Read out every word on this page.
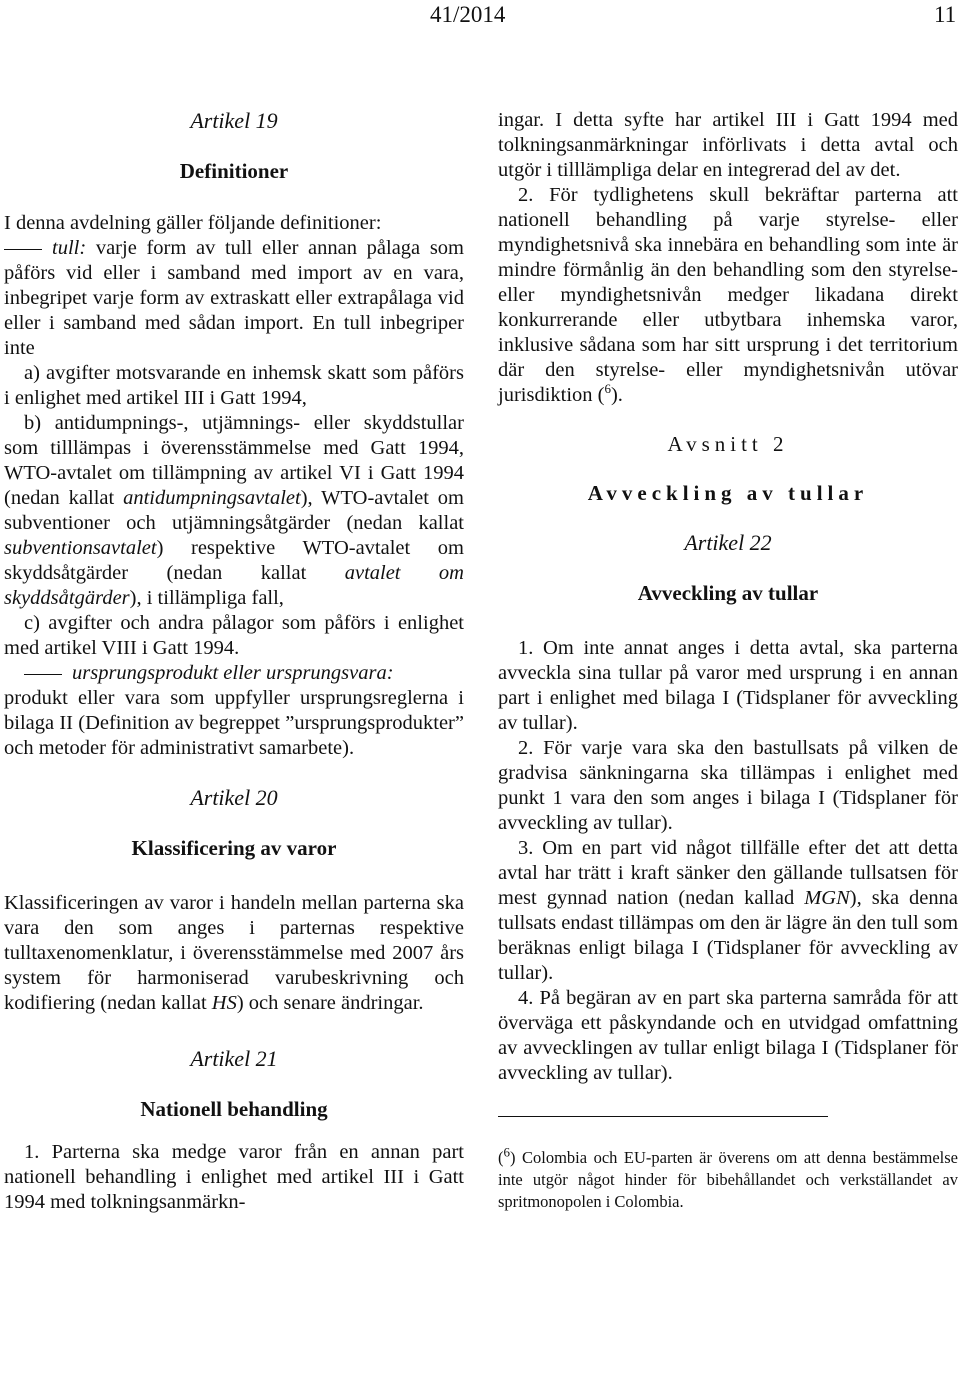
41/2014	11

Artikel 19

Definitioner

I denna avdelning gäller följande definitioner:

tull: varje form av tull eller annan pålaga som påförs vid eller i samband med import av en vara, inbegripet varje form av extraskatt eller extrapålaga vid eller i samband med sådan import. En tull inbegriper inte

a) avgifter motsvarande en inhemsk skatt som påförs i enlighet med artikel III i Gatt 1994,

b) antidumpnings-, utjämnings- eller skyddstullar som tilllämpas i överensstämmelse med Gatt 1994, WTO-avtalet om tillämpning av artikel VI i Gatt 1994 (nedan kallat antidumpningsavtalet), WTO-avtalet om subventioner och utjämningsåtgärder (nedan kallat subventionsavtalet) respektive WTO-avtalet om skyddsåtgärder (nedan kallat avtalet om skyddsåtgärder), i tillämpliga fall,

c) avgifter och andra pålagor som påförs i enlighet med artikel VIII i Gatt 1994.

ursprungsprodukt eller ursprungsvara:

produkt eller vara som uppfyller ursprungsreglerna i bilaga II (Definition av begreppet ”ursprungsprodukter” och metoder för administrativt samarbete).

Artikel 20

Klassificering av varor

Klassificeringen av varor i handeln mellan parterna ska vara den som anges i parternas respektive tulltaxenomenklatur, i överensstämmelse med 2007 års system för harmoniserad varubeskrivning och kodifiering (nedan kallat HS) och senare ändringar.

Artikel 21

Nationell behandling

1. Parterna ska medge varor från en annan part nationell behandling i enlighet med artikel III i Gatt 1994 med tolkningsanmärkn-

ingar. I detta syfte har artikel III i Gatt 1994 med tolkningsanmärkningar införlivats i detta avtal och utgör i tilllämpliga delar en integrerad del av det.

2. För tydlighetens skull bekräftar parterna att nationell behandling på varje styrelse- eller myndighetsnivå ska innebära en behandling som inte är mindre förmånlig än den behandling som den styrelse- eller myndighetsnivån medger likadana direkt konkurrerande eller utbytbara inhemska varor, inklusive sådana som har sitt ursprung i det territorium där den styrelse- eller myndighetsnivån utövar jurisdiktion ($^6$).

Avsnitt 2

Avveckling av tullar

Artikel 22

Avveckling av tullar

1. Om inte annat anges i detta avtal, ska parterna avveckla sina tullar på varor med ursprung i en annan part i enlighet med bilaga I (Tidsplaner för avveckling av tullar).

2. För varje vara ska den bastullsats på vilken de gradvisa sänkningarna ska tillämpas i enlighet med punkt 1 vara den som anges i bilaga I (Tidsplaner för avveckling av tullar).

3. Om en part vid något tillfälle efter det att detta avtal har trätt i kraft sänker den gällande tullsatsen för mest gynnad nation (nedan kallad MGN), ska denna tullsats endast tillämpas om den är lägre än den tull som beräknas enligt bilaga I (Tidsplaner för avveckling av tullar).

4. På begäran av en part ska parterna samråda för att överväga ett påskyndande och en utvidgad omfattning av avvecklingen av tullar enligt bilaga I (Tidsplaner för avveckling av tullar).

($^6$) Colombia och EU-parten är överens om att denna bestämmelse inte utgör något hinder för bibehållandet och verkställandet av spritmonopolen i Colombia.
